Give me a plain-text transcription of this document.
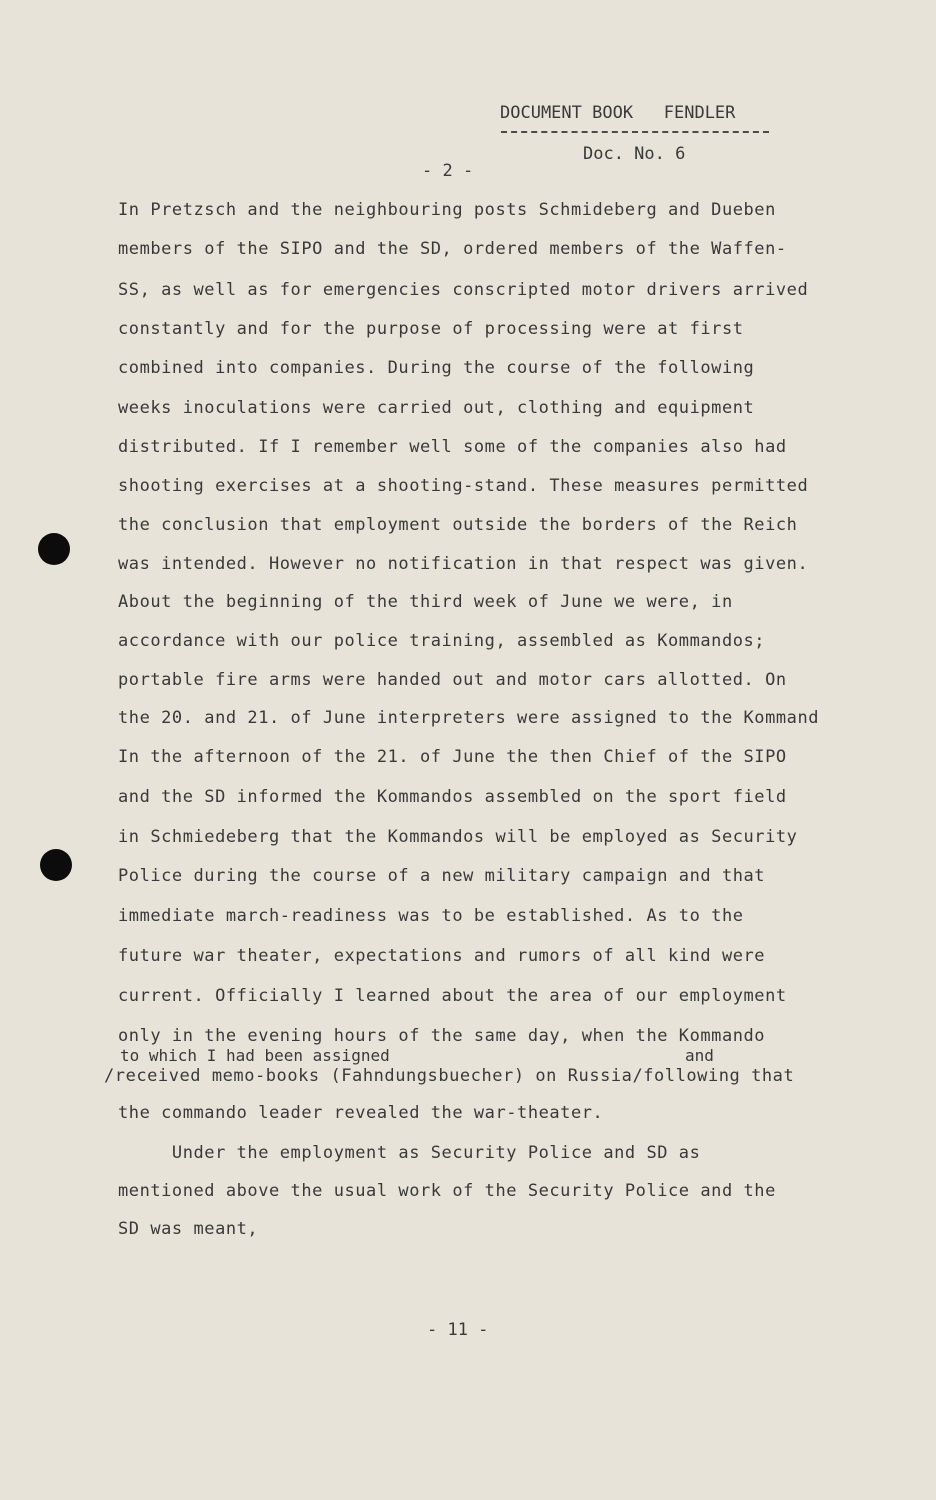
DOCUMENT BOOK   FENDLER
Doc. No. 6
- 2 -
In Pretzsch and the neighbouring posts Schmideberg and Dueben
members of the SIPO and the SD, ordered members of the Waffen-
SS, as well as for emergencies conscripted motor drivers arrived
constantly and for the purpose of processing were at first
combined into companies. During the course of the following
weeks inoculations were carried out, clothing and equipment
distributed. If I remember well some of the companies also had
shooting exercises at a shooting-stand. These measures permitted
the conclusion that employment outside the borders of the Reich
was intended. However no notification in that respect was given.
About the beginning of the third week of June we were, in
accordance with our police training, assembled as Kommandos;
portable fire arms were handed out and motor cars allotted. On
the 20. and 21. of June interpreters were assigned to the Kommand
In the afternoon of the 21. of June the then Chief of the SIPO
and the SD informed the Kommandos assembled on the sport field
in Schmiedeberg that the Kommandos will be employed as Security
Police during the course of a new military campaign and that
immediate march-readiness was to be established. As to the
future war theater, expectations and rumors of all kind were
current. Officially I learned about the area of our employment
only in the evening hours of the same day, when the Kommando
to which I had been assigned	and
/received memo-books (Fahndungsbuecher) on Russia/following that
the commando leader revealed the war-theater.
Under the employment as Security Police and SD as
mentioned above the usual work of the Security Police and the
SD was meant,
- 11 -
